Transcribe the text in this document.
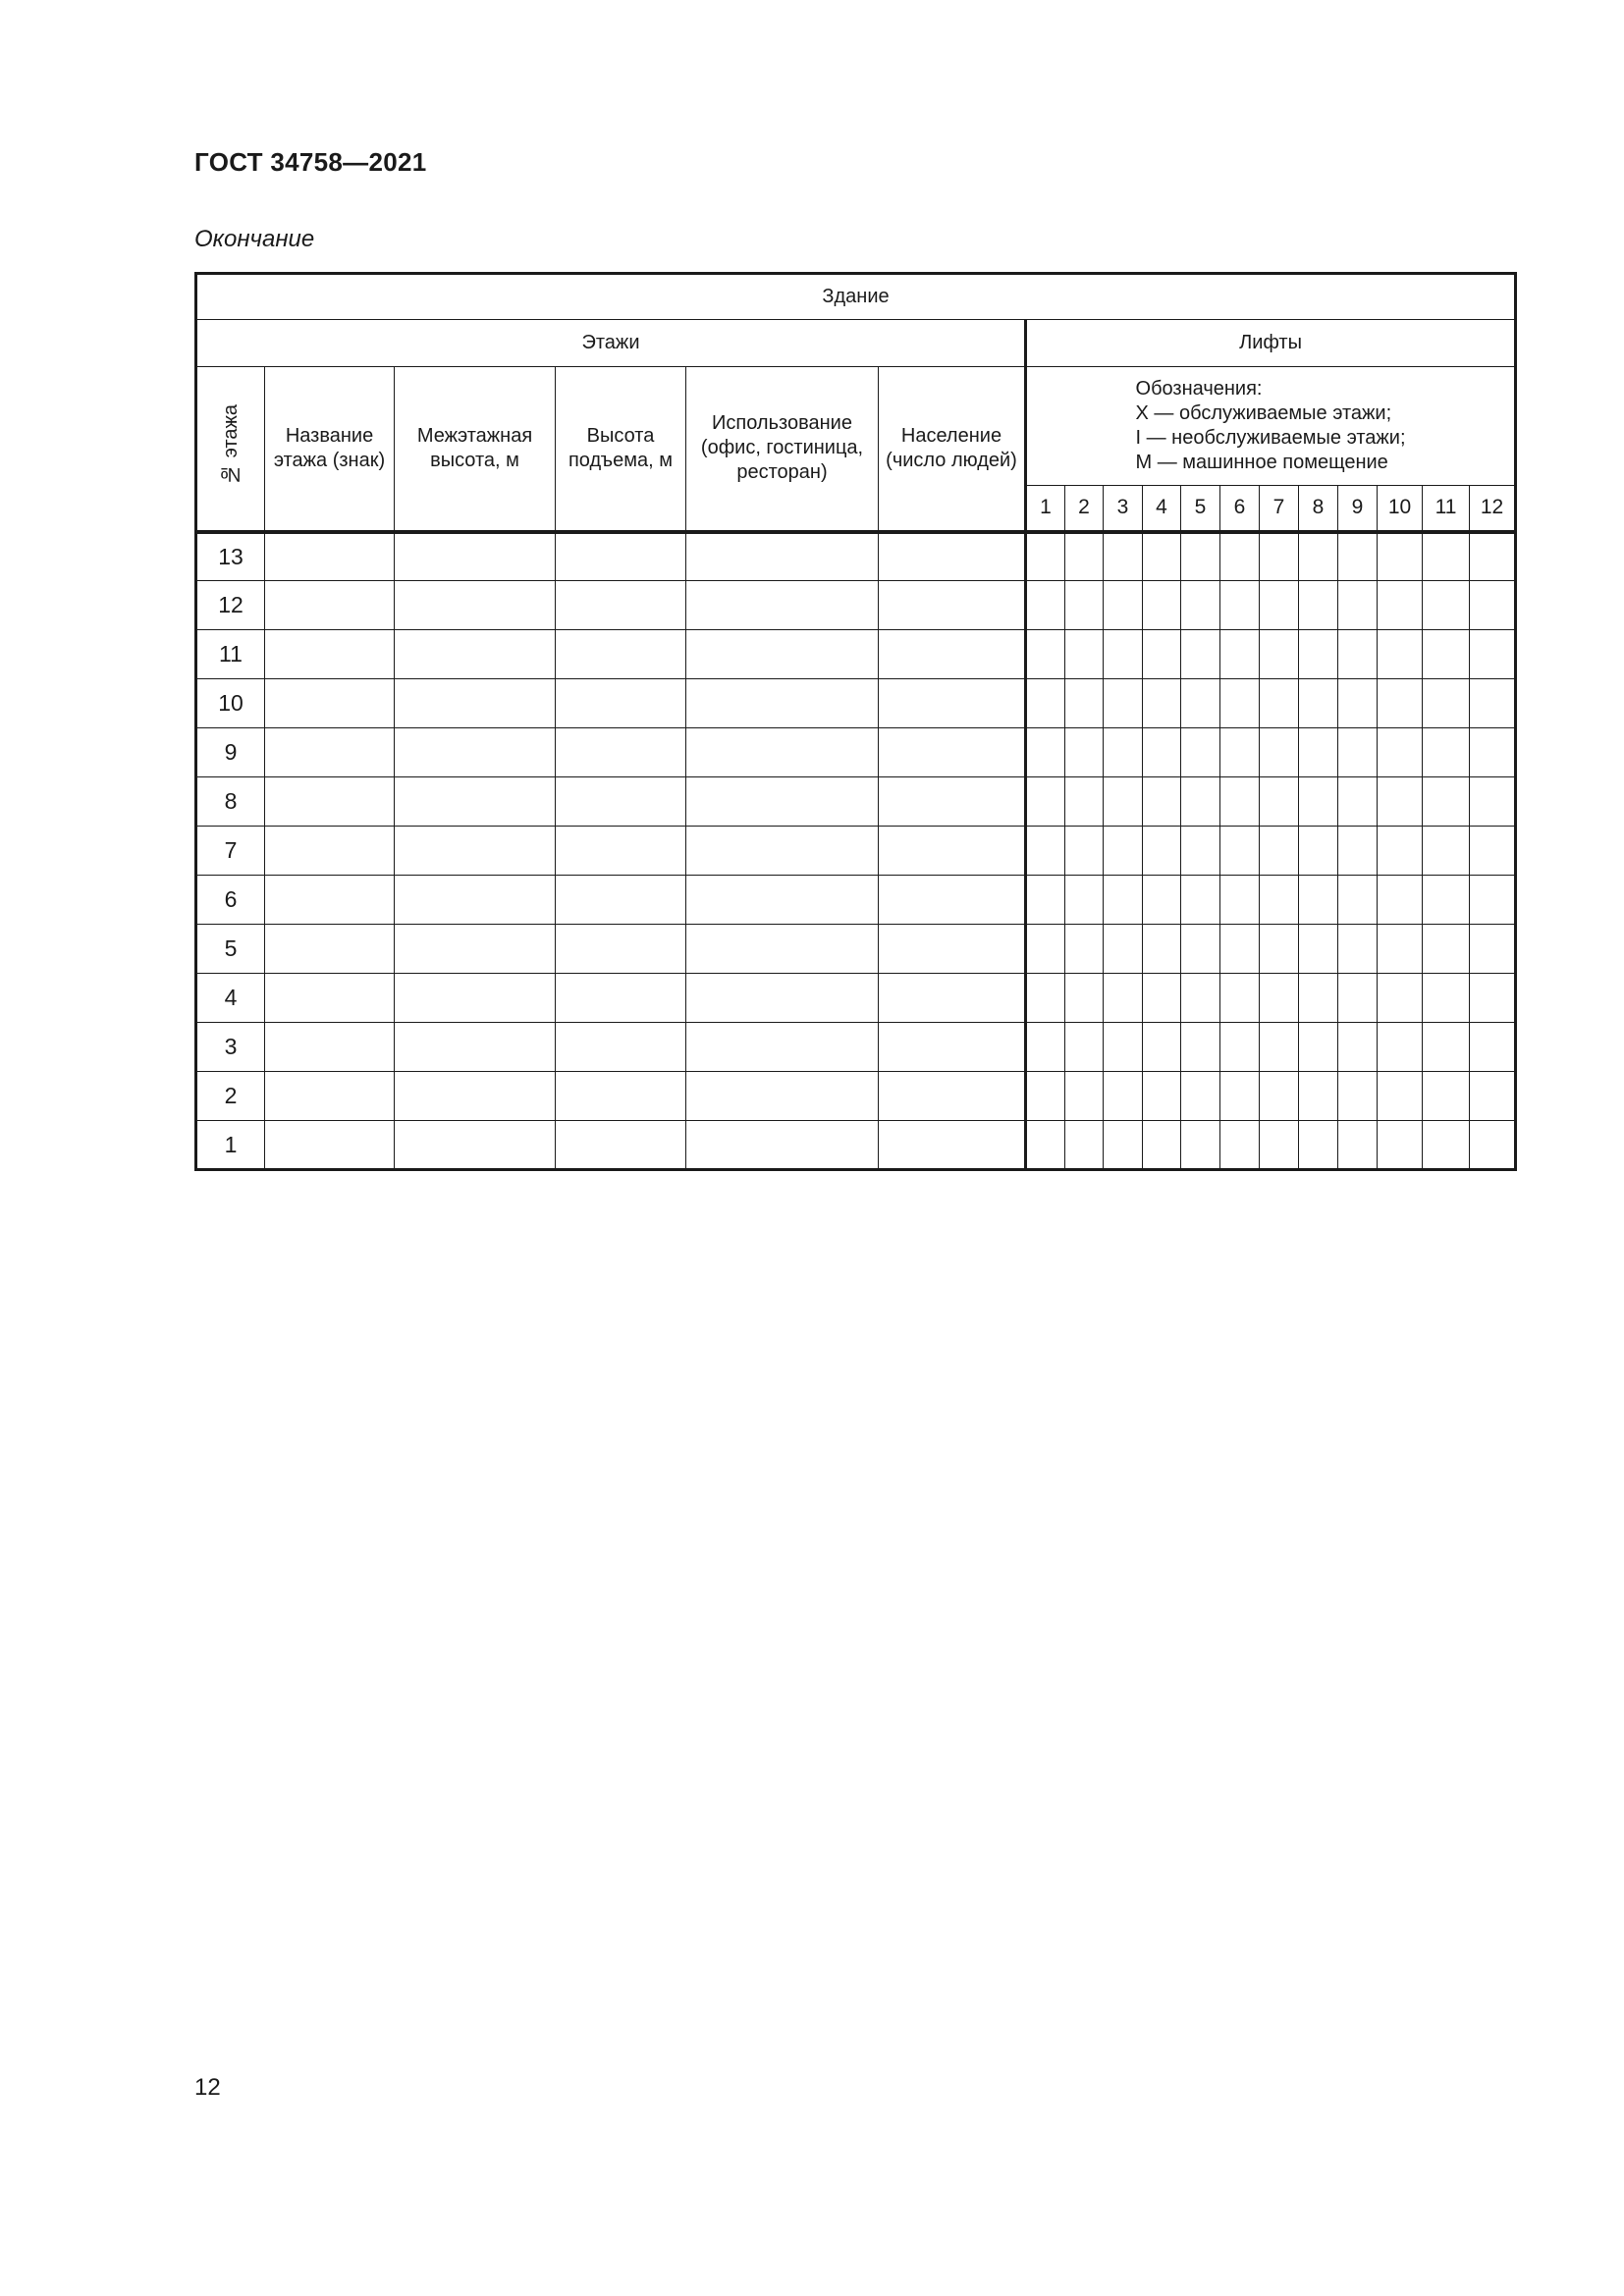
ГОСТ 34758—2021
Окончание
Здание																	
Этажи						Лифты											
№ этажа	Название этажа (знак)	Межэтажная высота, м	Высота подъема, м	Использование (офис, гостиница, ресторан)	Население (число людей)	Обозначения:
X — обслуживаемые этажи;
I — необслуживаемые этажи;
M — машинное помещение											

						1	2	3	4	5	6	7	8	9	10	11	12
13																	
12																	
11																	
10																	
9																	
8																	
7																	
6																	
5																	
4																	
3																	
2																	
1																	
12
